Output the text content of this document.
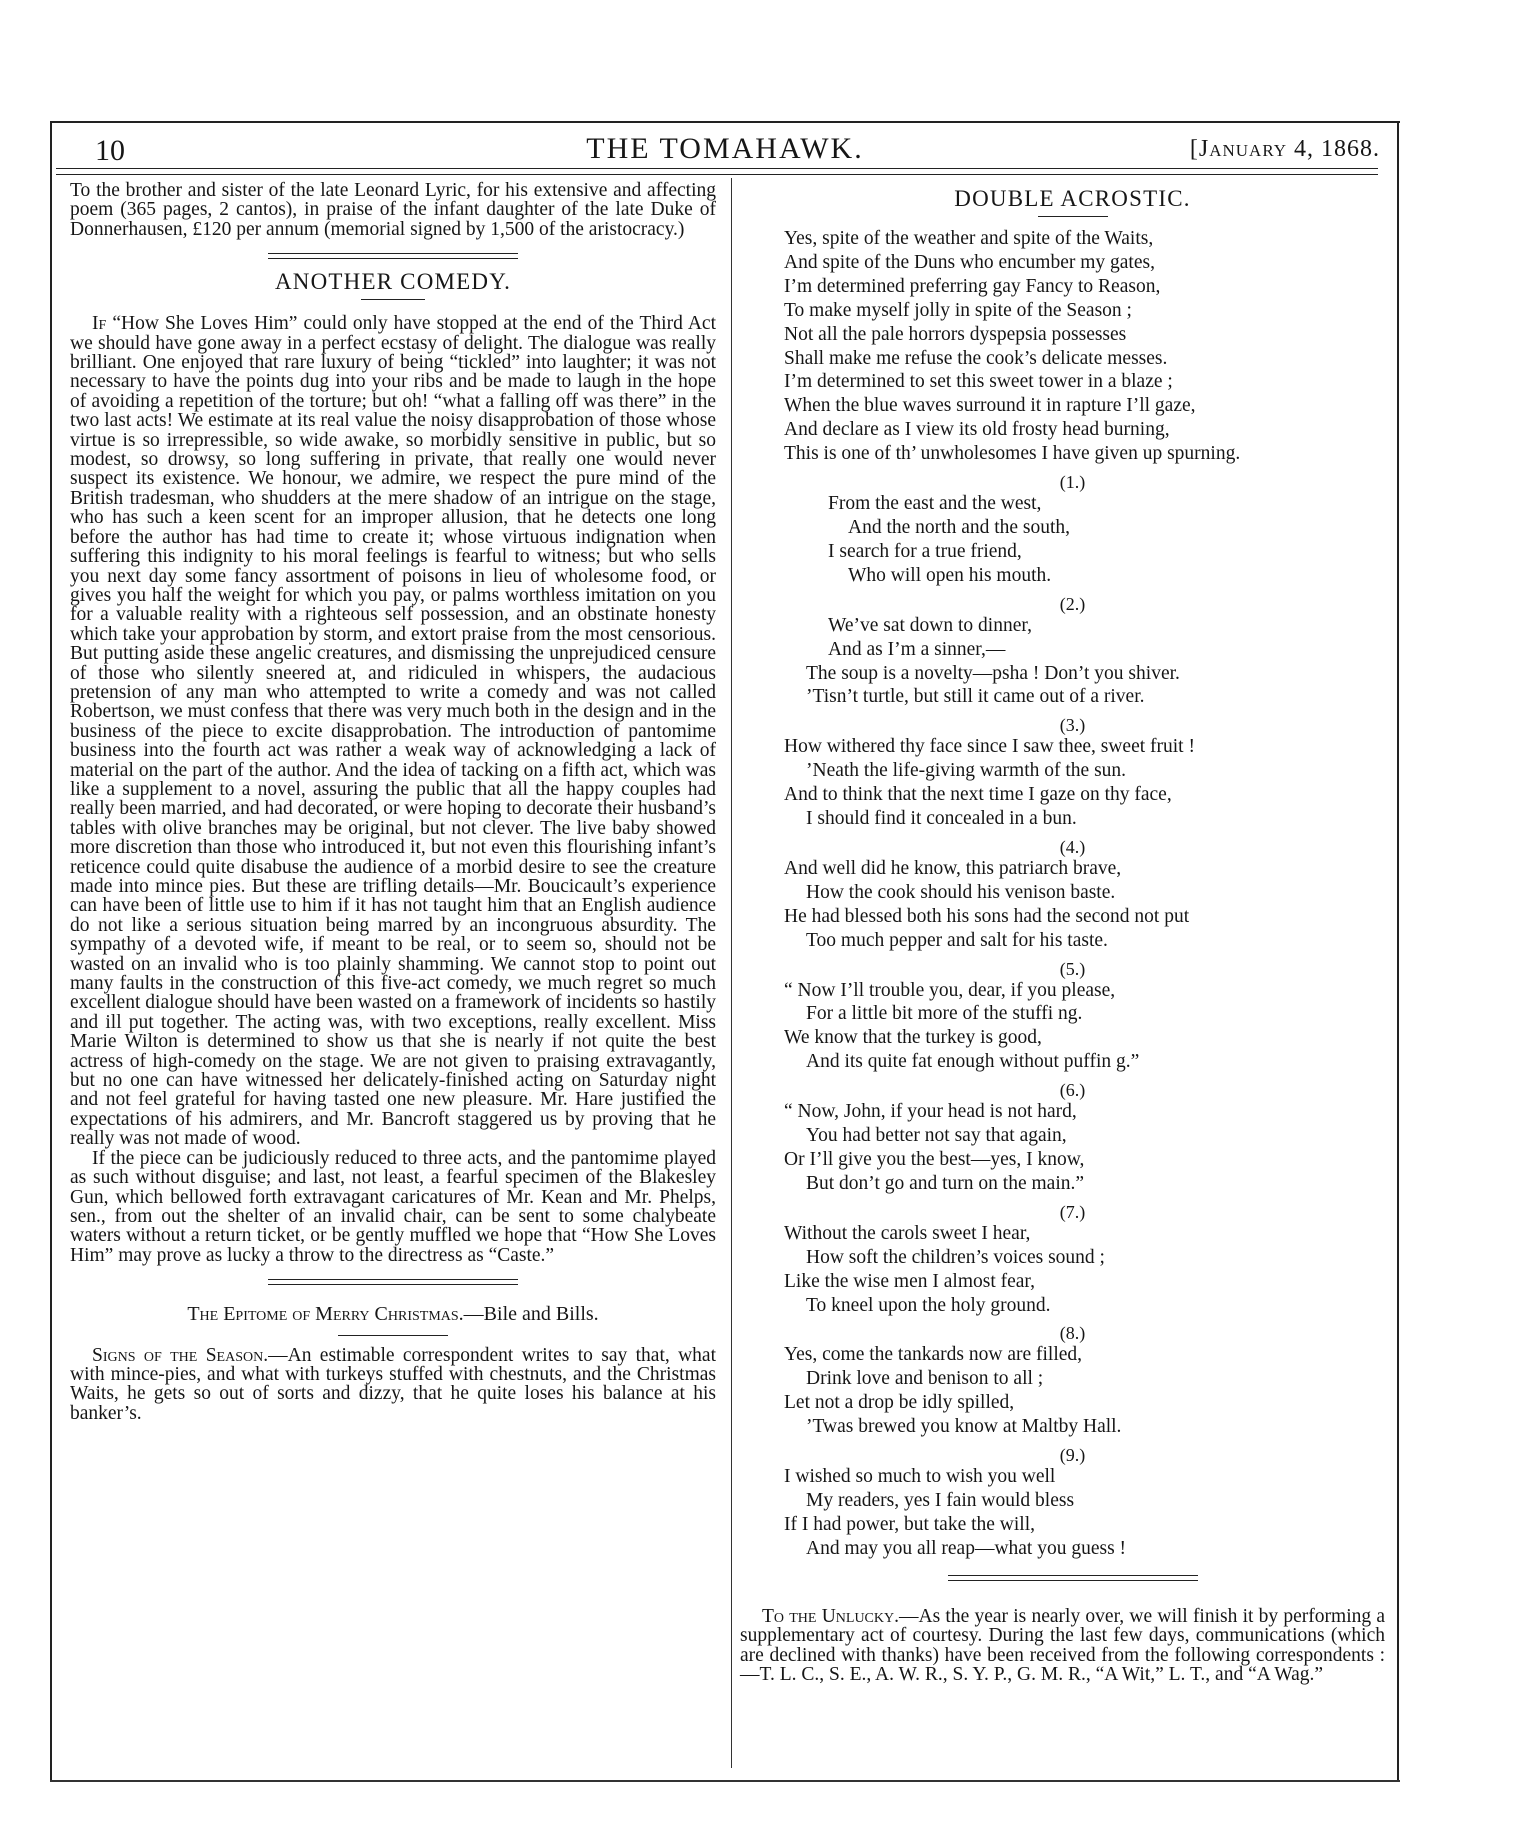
10	THE TOMAHAWK.	[January 4, 1868.

To the brother and sister of the late Leonard Lyric, for his extensive and affecting poem (365 pages, 2 cantos), in praise of the infant daughter of the late Duke of Donnerhausen, £120 per annum (memorial signed by 1,500 of the aristocracy.)

ANOTHER COMEDY.

If “How She Loves Him” could only have stopped at the end of the Third Act we should have gone away in a perfect ecstasy of delight. The dialogue was really brilliant. One enjoyed that rare luxury of being “tickled” into laughter; it was not necessary to have the points dug into your ribs and be made to laugh in the hope of avoiding a repetition of the torture; but oh! “what a falling off was there” in the two last acts! We estimate at its real value the noisy disapprobation of those whose virtue is so irrepressible, so wide awake, so morbidly sensitive in public, but so modest, so drowsy, so long suffering in private, that really one would never suspect its existence. We honour, we admire, we respect the pure mind of the British tradesman, who shudders at the mere shadow of an intrigue on the stage, who has such a keen scent for an improper allusion, that he detects one long before the author has had time to create it; whose virtuous indignation when suffering this indignity to his moral feelings is fearful to witness; but who sells you next day some fancy assortment of poisons in lieu of wholesome food, or gives you half the weight for which you pay, or palms worthless imitation on you for a valuable reality with a righteous self possession, and an obstinate honesty which take your approbation by storm, and extort praise from the most censorious. But putting aside these angelic creatures, and dismissing the unprejudiced censure of those who silently sneered at, and ridiculed in whispers, the audacious pretension of any man who attempted to write a comedy and was not called Robertson, we must confess that there was very much both in the design and in the business of the piece to excite disapprobation. The introduction of pantomime business into the fourth act was rather a weak way of acknowledging a lack of material on the part of the author. And the idea of tacking on a fifth act, which was like a supplement to a novel, assuring the public that all the happy couples had really been married, and had decorated, or were hoping to decorate their husband’s tables with olive branches may be original, but not clever. The live baby showed more discretion than those who introduced it, but not even this flourishing infant’s reticence could quite disabuse the audience of a morbid desire to see the creature made into mince pies. But these are trifling details—Mr. Boucicault’s experience can have been of little use to him if it has not taught him that an English audience do not like a serious situation being marred by an incongruous absurdity. The sympathy of a devoted wife, if meant to be real, or to seem so, should not be wasted on an invalid who is too plainly shamming. We cannot stop to point out many faults in the construction of this five-act comedy, we much regret so much excellent dialogue should have been wasted on a framework of incidents so hastily and ill put together. The acting was, with two exceptions, really excellent. Miss Marie Wilton is determined to show us that she is nearly if not quite the best actress of high-comedy on the stage. We are not given to praising extravagantly, but no one can have witnessed her delicately-finished acting on Saturday night and not feel grateful for having tasted one new pleasure. Mr. Hare justified the expectations of his admirers, and Mr. Bancroft staggered us by proving that he really was not made of wood.

If the piece can be judiciously reduced to three acts, and the pantomime played as such without disguise; and last, not least, a fearful specimen of the Blakesley Gun, which bellowed forth extravagant caricatures of Mr. Kean and Mr. Phelps, sen., from out the shelter of an invalid chair, can be sent to some chalybeate waters without a return ticket, or be gently muffled we hope that “How She Loves Him” may prove as lucky a throw to the directress as “Caste.”

The Epitome of Merry Christmas.—Bile and Bills.

Signs of the Season.—An estimable correspondent writes to say that, what with mince-pies, and what with turkeys stuffed with chestnuts, and the Christmas Waits, he gets so out of sorts and dizzy, that he quite loses his balance at his banker’s.

DOUBLE ACROSTIC.

Yes, spite of the weather and spite of the Waits,
And spite of the Duns who encumber my gates,
I’m determined preferring gay Fancy to Reason,
To make myself jolly in spite of the Season ;
Not all the pale horrors dyspepsia possesses
Shall make me refuse the cook’s delicate messes.
I’m determined to set this sweet tower in a blaze ;
When the blue waves surround it in rapture I’ll gaze,
And declare as I view its old frosty head burning,
This is one of th’ unwholesomes I have given up spurning.
(1.)
From the east and the west,
And the north and the south,
I search for a true friend,
Who will open his mouth.
(2.)
We’ve sat down to dinner,
And as I’m a sinner,—
The soup is a novelty—psha ! Don’t you shiver.
’Tisn’t turtle, but still it came out of a river.
(3.)
How withered thy face since I saw thee, sweet fruit !
’Neath the life-giving warmth of the sun.
And to think that the next time I gaze on thy face,
I should find it concealed in a bun.
(4.)
And well did he know, this patriarch brave,
How the cook should his venison baste.
He had blessed both his sons had the second not put
Too much pepper and salt for his taste.
(5.)
“ Now I’ll trouble you, dear, if you please,
For a little bit more of the stuffi ng.
We know that the turkey is good,
And its quite fat enough without puffin g.”
(6.)
“ Now, John, if your head is not hard,
You had better not say that again,
Or I’ll give you the best—yes, I know,
But don’t go and turn on the main.”
(7.)
Without the carols sweet I hear,
How soft the children’s voices sound ;
Like the wise men I almost fear,
To kneel upon the holy ground.
(8.)
Yes, come the tankards now are filled,
Drink love and benison to all ;
Let not a drop be idly spilled,
’Twas brewed you know at Maltby Hall.
(9.)
I wished so much to wish you well
My readers, yes I fain would bless
If I had power, but take the will,
And may you all reap—what you guess !

To the Unlucky.—As the year is nearly over, we will finish it by performing a supplementary act of courtesy. During the last few days, communications (which are declined with thanks) have been received from the following correspondents :—T. L. C., S. E., A. W. R., S. Y. P., G. M. R., “A Wit,” L. T., and “A Wag.”
